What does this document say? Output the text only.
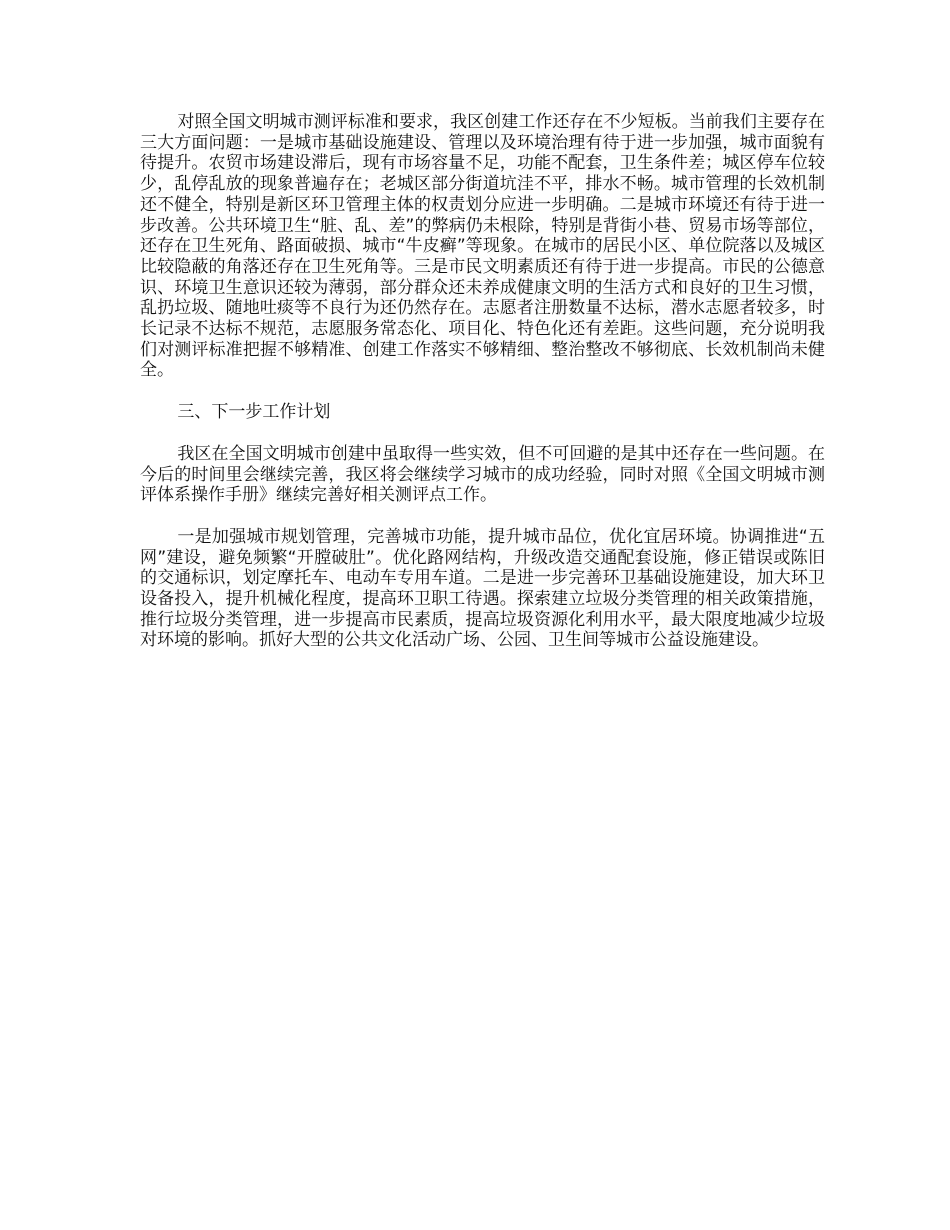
对照全国文明城市测评标准和要求，我区创建工作还存在不少短板。当前我们主要存在三大方面问题：一是城市基础设施建设、管理以及环境治理有待于进一步加强，城市面貌有待提升。农贸市场建设滞后，现有市场容量不足，功能不配套，卫生条件差；城区停车位较少，乱停乱放的现象普遍存在；老城区部分街道坑洼不平，排水不畅。城市管理的长效机制还不健全，特别是新区环卫管理主体的权责划分应进一步明确。二是城市环境还有待于进一步改善。公共环境卫生“脏、乱、差”的弊病仍未根除，特别是背街小巷、贸易市场等部位，还存在卫生死角、路面破损、城市“牛皮癣”等现象。在城市的居民小区、单位院落以及城区比较隐蔽的角落还存在卫生死角等。三是市民文明素质还有待于进一步提高。市民的公德意识、环境卫生意识还较为薄弱，部分群众还未养成健康文明的生活方式和良好的卫生习惯，乱扔垃圾、随地吐痰等不良行为还仍然存在。志愿者注册数量不达标，潜水志愿者较多，时长记录不达标不规范，志愿服务常态化、项目化、特色化还有差距。这些问题，充分说明我们对测评标准把握不够精准、创建工作落实不够精细、整治整改不够彻底、长效机制尚未健全。

三、下一步工作计划

我区在全国文明城市创建中虽取得一些实效，但不可回避的是其中还存在一些问题。在今后的时间里会继续完善，我区将会继续学习城市的成功经验，同时对照《全国文明城市测评体系操作手册》继续完善好相关测评点工作。

一是加强城市规划管理，完善城市功能，提升城市品位，优化宜居环境。协调推进“五网”建设，避免频繁“开膛破肚”。优化路网结构，升级改造交通配套设施，修正错误或陈旧的交通标识，划定摩托车、电动车专用车道。二是进一步完善环卫基础设施建设，加大环卫设备投入，提升机械化程度，提高环卫职工待遇。探索建立垃圾分类管理的相关政策措施，推行垃圾分类管理，进一步提高市民素质，提高垃圾资源化利用水平，最大限度地减少垃圾对环境的影响。抓好大型的公共文化活动广场、公园、卫生间等城市公益设施建设。
